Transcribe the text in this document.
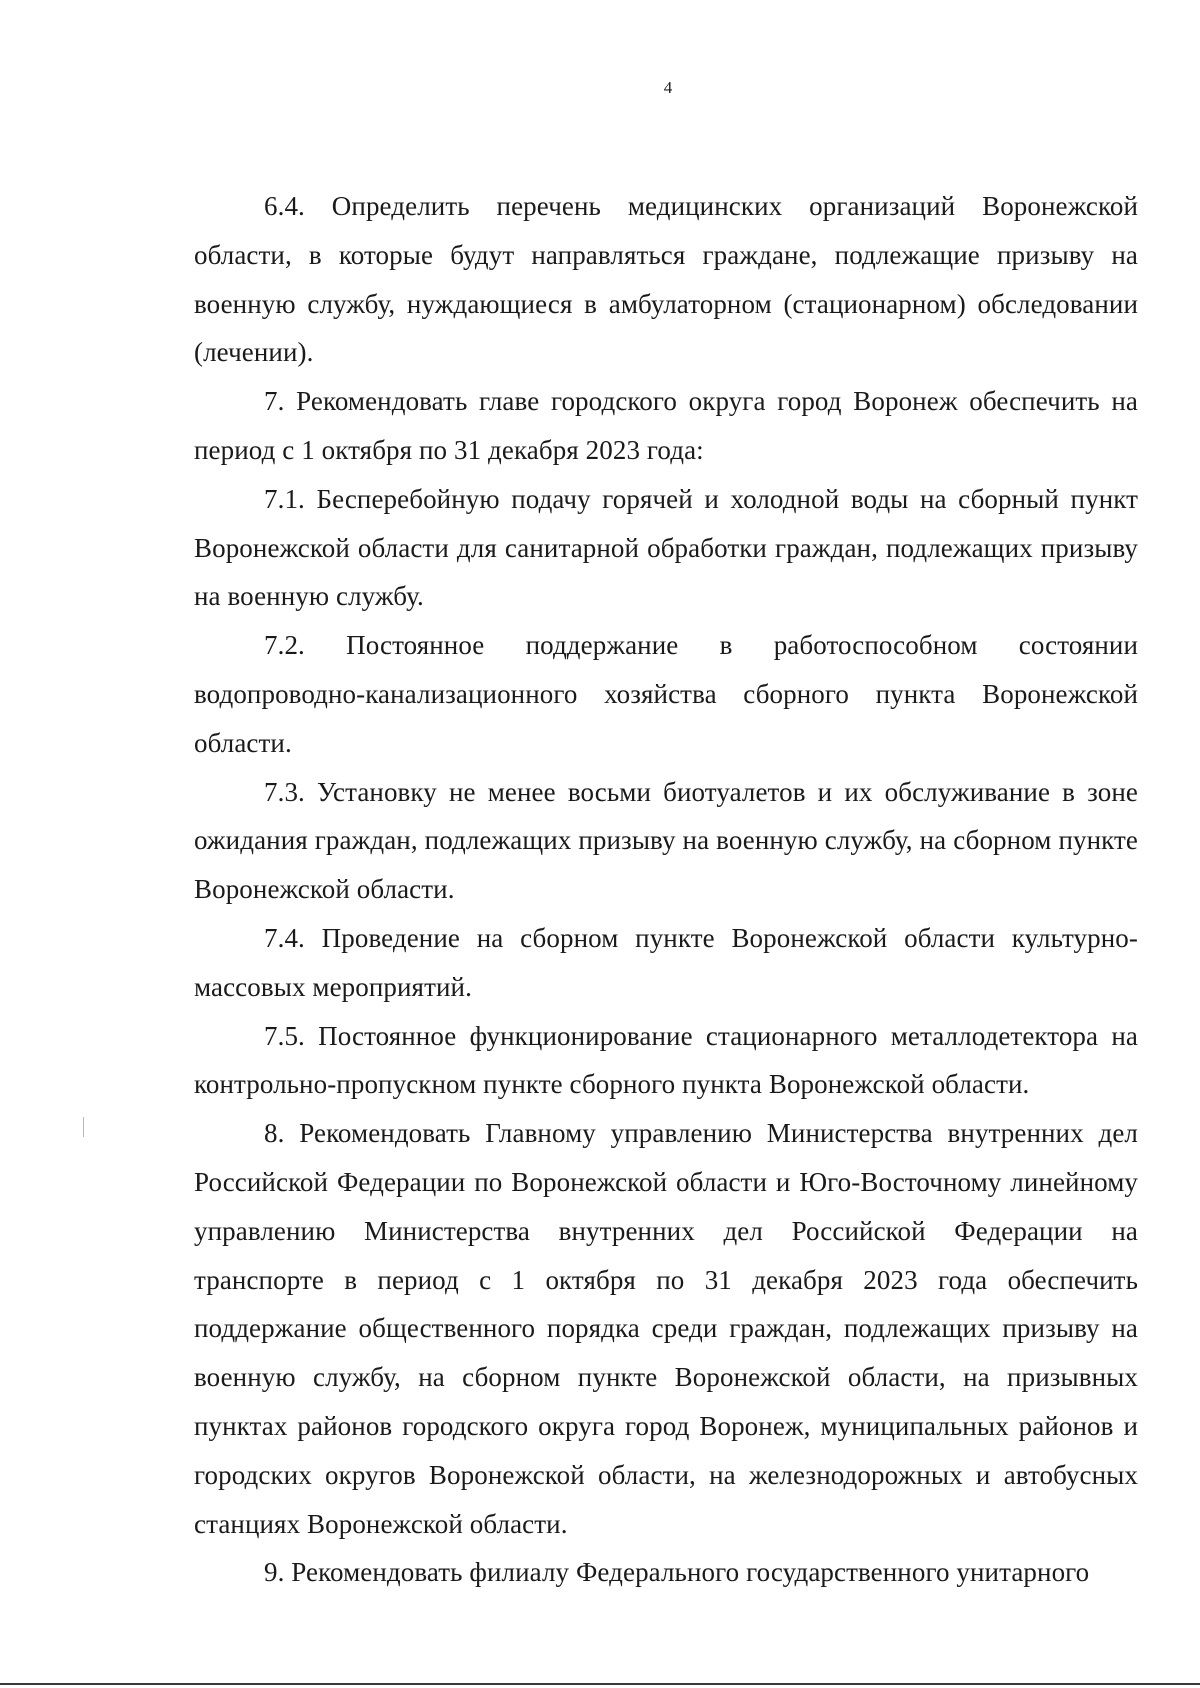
4

6.4. Определить перечень медицинских организаций Воронежской области, в которые будут направляться граждане, подлежащие призыву на военную службу, нуждающиеся в амбулаторном (стационарном) обследовании (лечении).

7. Рекомендовать главе городского округа город Воронеж обеспечить на период с 1 октября по 31 декабря 2023 года:

7.1. Бесперебойную подачу горячей и холодной воды на сборный пункт Воронежской области для санитарной обработки граждан, подлежащих призыву на военную службу.

7.2. Постоянное поддержание в работоспособном состоянии водопроводно-канализационного хозяйства сборного пункта Воронежской области.

7.3. Установку не менее восьми биотуалетов и их обслуживание в зоне ожидания граждан, подлежащих призыву на военную службу, на сборном пункте Воронежской области.

7.4. Проведение на сборном пункте Воронежской области культурно-массовых мероприятий.

7.5. Постоянное функционирование стационарного металлодетектора на контрольно-пропускном пункте сборного пункта Воронежской области.

8. Рекомендовать Главному управлению Министерства внутренних дел Российской Федерации по Воронежской области и Юго-Восточному линейному управлению Министерства внутренних дел Российской Федерации на транспорте в период с 1 октября по 31 декабря 2023 года обеспечить поддержание общественного порядка среди граждан, подлежащих призыву на военную службу, на сборном пункте Воронежской области, на призывных пунктах районов городского округа город Воронеж, муниципальных районов и городских округов Воронежской области, на железнодорожных и автобусных станциях Воронежской области.

9. Рекомендовать филиалу Федерального государственного унитарного
